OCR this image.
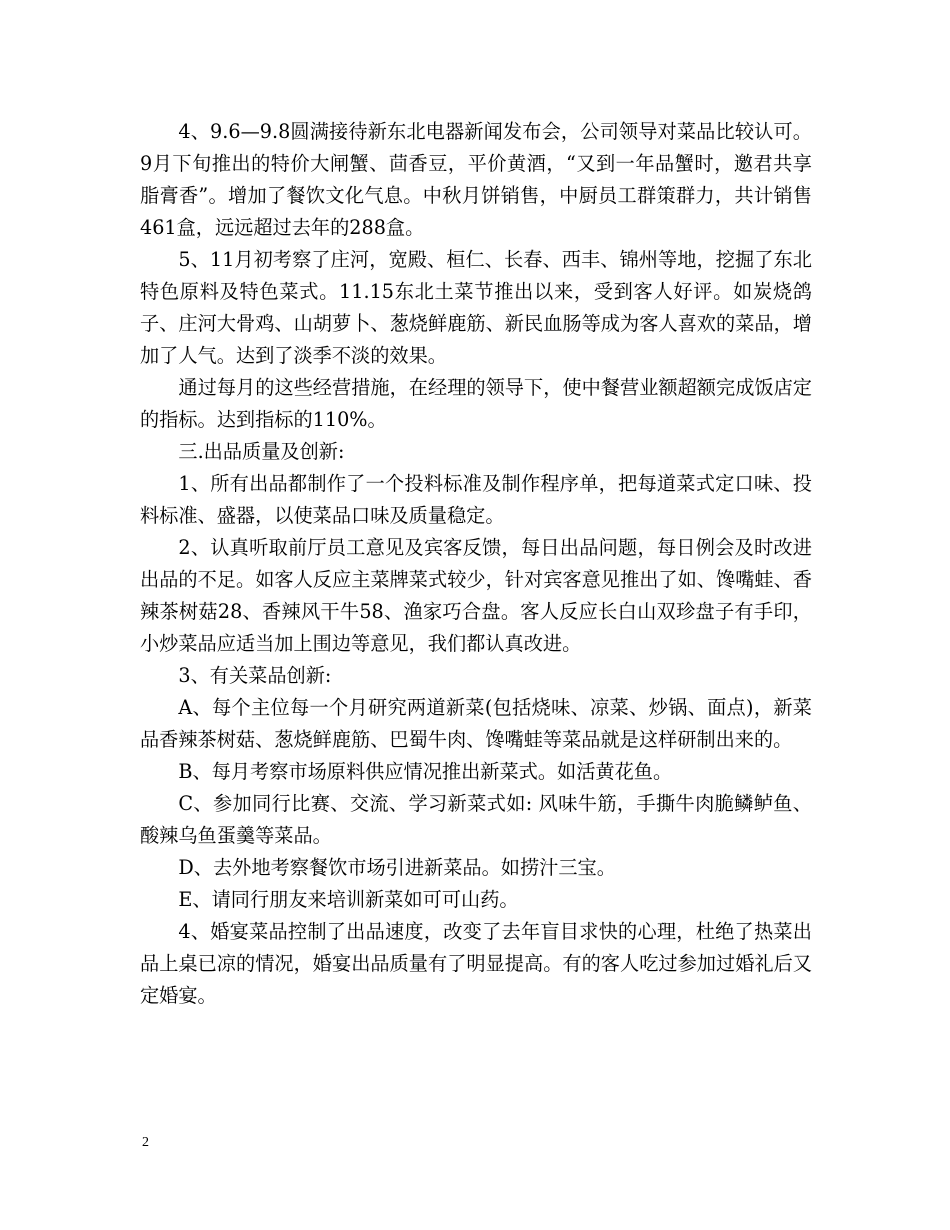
4、9.6—9.8圆满接待新东北电器新闻发布会，公司领导对菜品比较认可。9月下旬推出的特价大闸蟹、茴香豆，平价黄酒，“又到一年品蟹时，邀君共享脂膏香”。增加了餐饮文化气息。中秋月饼销售，中厨员工群策群力，共计销售461盒，远远超过去年的288盒。

5、11月初考察了庄河，宽殿、桓仁、长春、西丰、锦州等地，挖掘了东北特色原料及特色菜式。11.15东北土菜节推出以来，受到客人好评。如炭烧鸽子、庄河大骨鸡、山胡萝卜、葱烧鲜鹿筋、新民血肠等成为客人喜欢的菜品，增加了人气。达到了淡季不淡的效果。

通过每月的这些经营措施，在经理的领导下，使中餐营业额超额完成饭店定的指标。达到指标的110%。

三.出品质量及创新:

1、所有出品都制作了一个投料标准及制作程序单，把每道菜式定口味、投料标准、盛器，以使菜品口味及质量稳定。

2、认真听取前厅员工意见及宾客反馈，每日出品问题，每日例会及时改进出品的不足。如客人反应主菜牌菜式较少，针对宾客意见推出了如、馋嘴蛙、香辣茶树菇28、香辣风干牛58、渔家巧合盘。客人反应长白山双珍盘子有手印，小炒菜品应适当加上围边等意见，我们都认真改进。

3、有关菜品创新:

A、每个主位每一个月研究两道新菜(包括烧味、凉菜、炒锅、面点)，新菜品香辣茶树菇、葱烧鲜鹿筋、巴蜀牛肉、馋嘴蛙等菜品就是这样研制出来的。

B、每月考察市场原料供应情况推出新菜式。如活黄花鱼。

C、参加同行比赛、交流、学习新菜式如: 风味牛筋，手撕牛肉脆鳞鲈鱼、酸辣乌鱼蛋羹等菜品。

D、去外地考察餐饮市场引进新菜品。如捞汁三宝。

E、请同行朋友来培训新菜如可可山药。

4、婚宴菜品控制了出品速度，改变了去年盲目求快的心理，杜绝了热菜出品上桌已凉的情况，婚宴出品质量有了明显提高。有的客人吃过参加过婚礼后又定婚宴。

2
